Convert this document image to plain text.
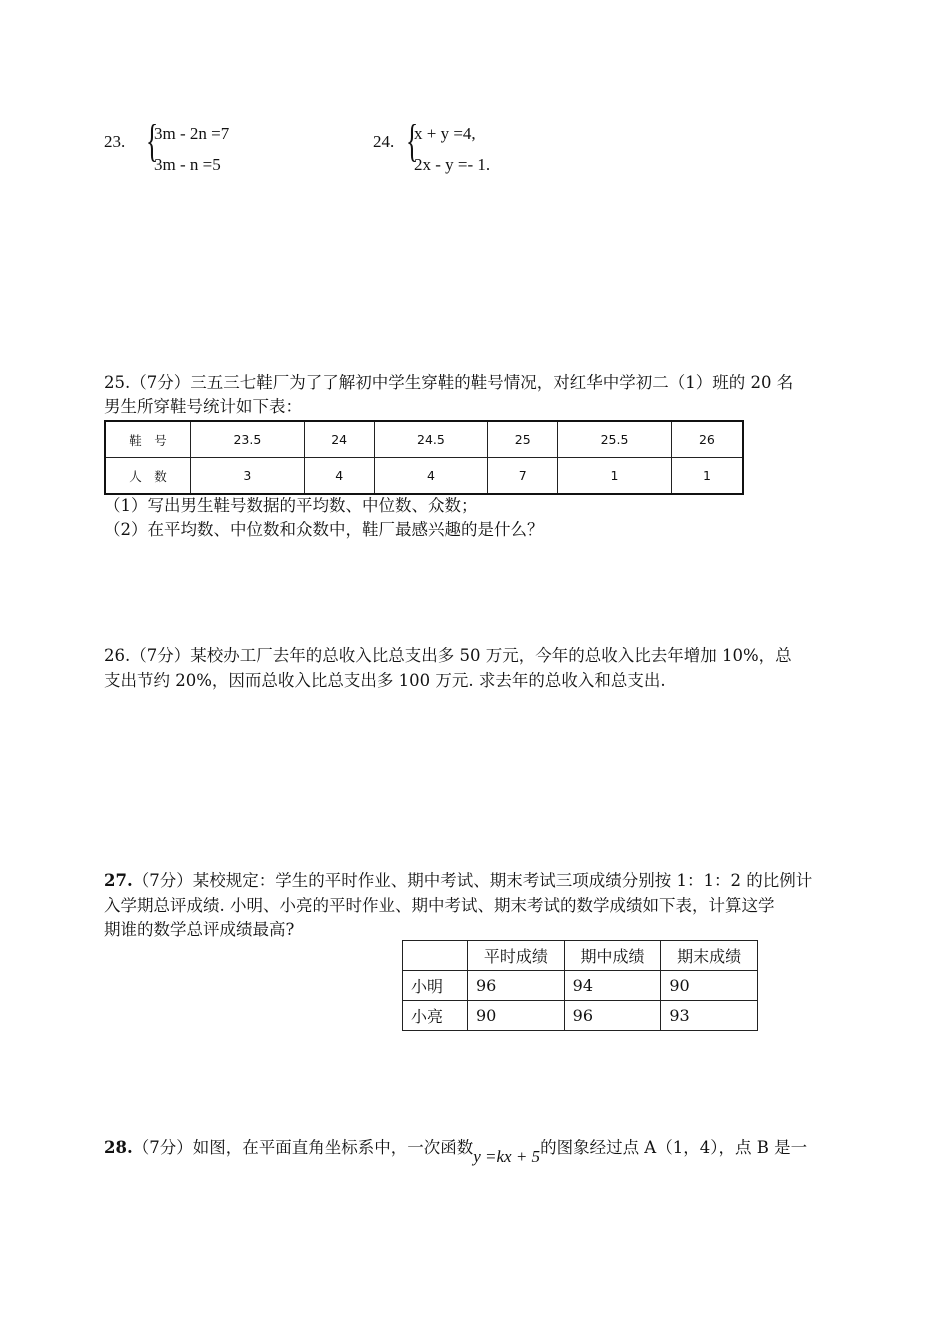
23. {
3m - 2n =7
3m - n =5
24. {
x + y =4,
2x - y =- 1.
25.（7分）三五三七鞋厂为了了解初中学生穿鞋的鞋号情况，对红华中学初二（1）班的 20 名
男生所穿鞋号统计如下表：
鞋　号	23.5	24	24.5	25	25.5	26
人　数	3	4	4	7	1	1
（1）写出男生鞋号数据的平均数、中位数、众数；
（2）在平均数、中位数和众数中，鞋厂最感兴趣的是什么？
26.（7分）某校办工厂去年的总收入比总支出多 50 万元，今年的总收入比去年增加 10%，总
支出节约 20%，因而总收入比总支出多 100 万元. 求去年的总收入和总支出.
27.（7分）某校规定：学生的平时作业、期中考试、期末考试三项成绩分别按 1：1：2 的比例计
入学期总评成绩. 小明、小亮的平时作业、期中考试、期末考试的数学成绩如下表，计算这学
期谁的数学总评成绩最高?
	平时成绩	期中成绩	期末成绩
小明	96	94	90
小亮	90	96	93
28.（7分）如图，在平面直角坐标系中，一次函数y =kx + 5的图象经过点 A（1，4），点 B 是一
